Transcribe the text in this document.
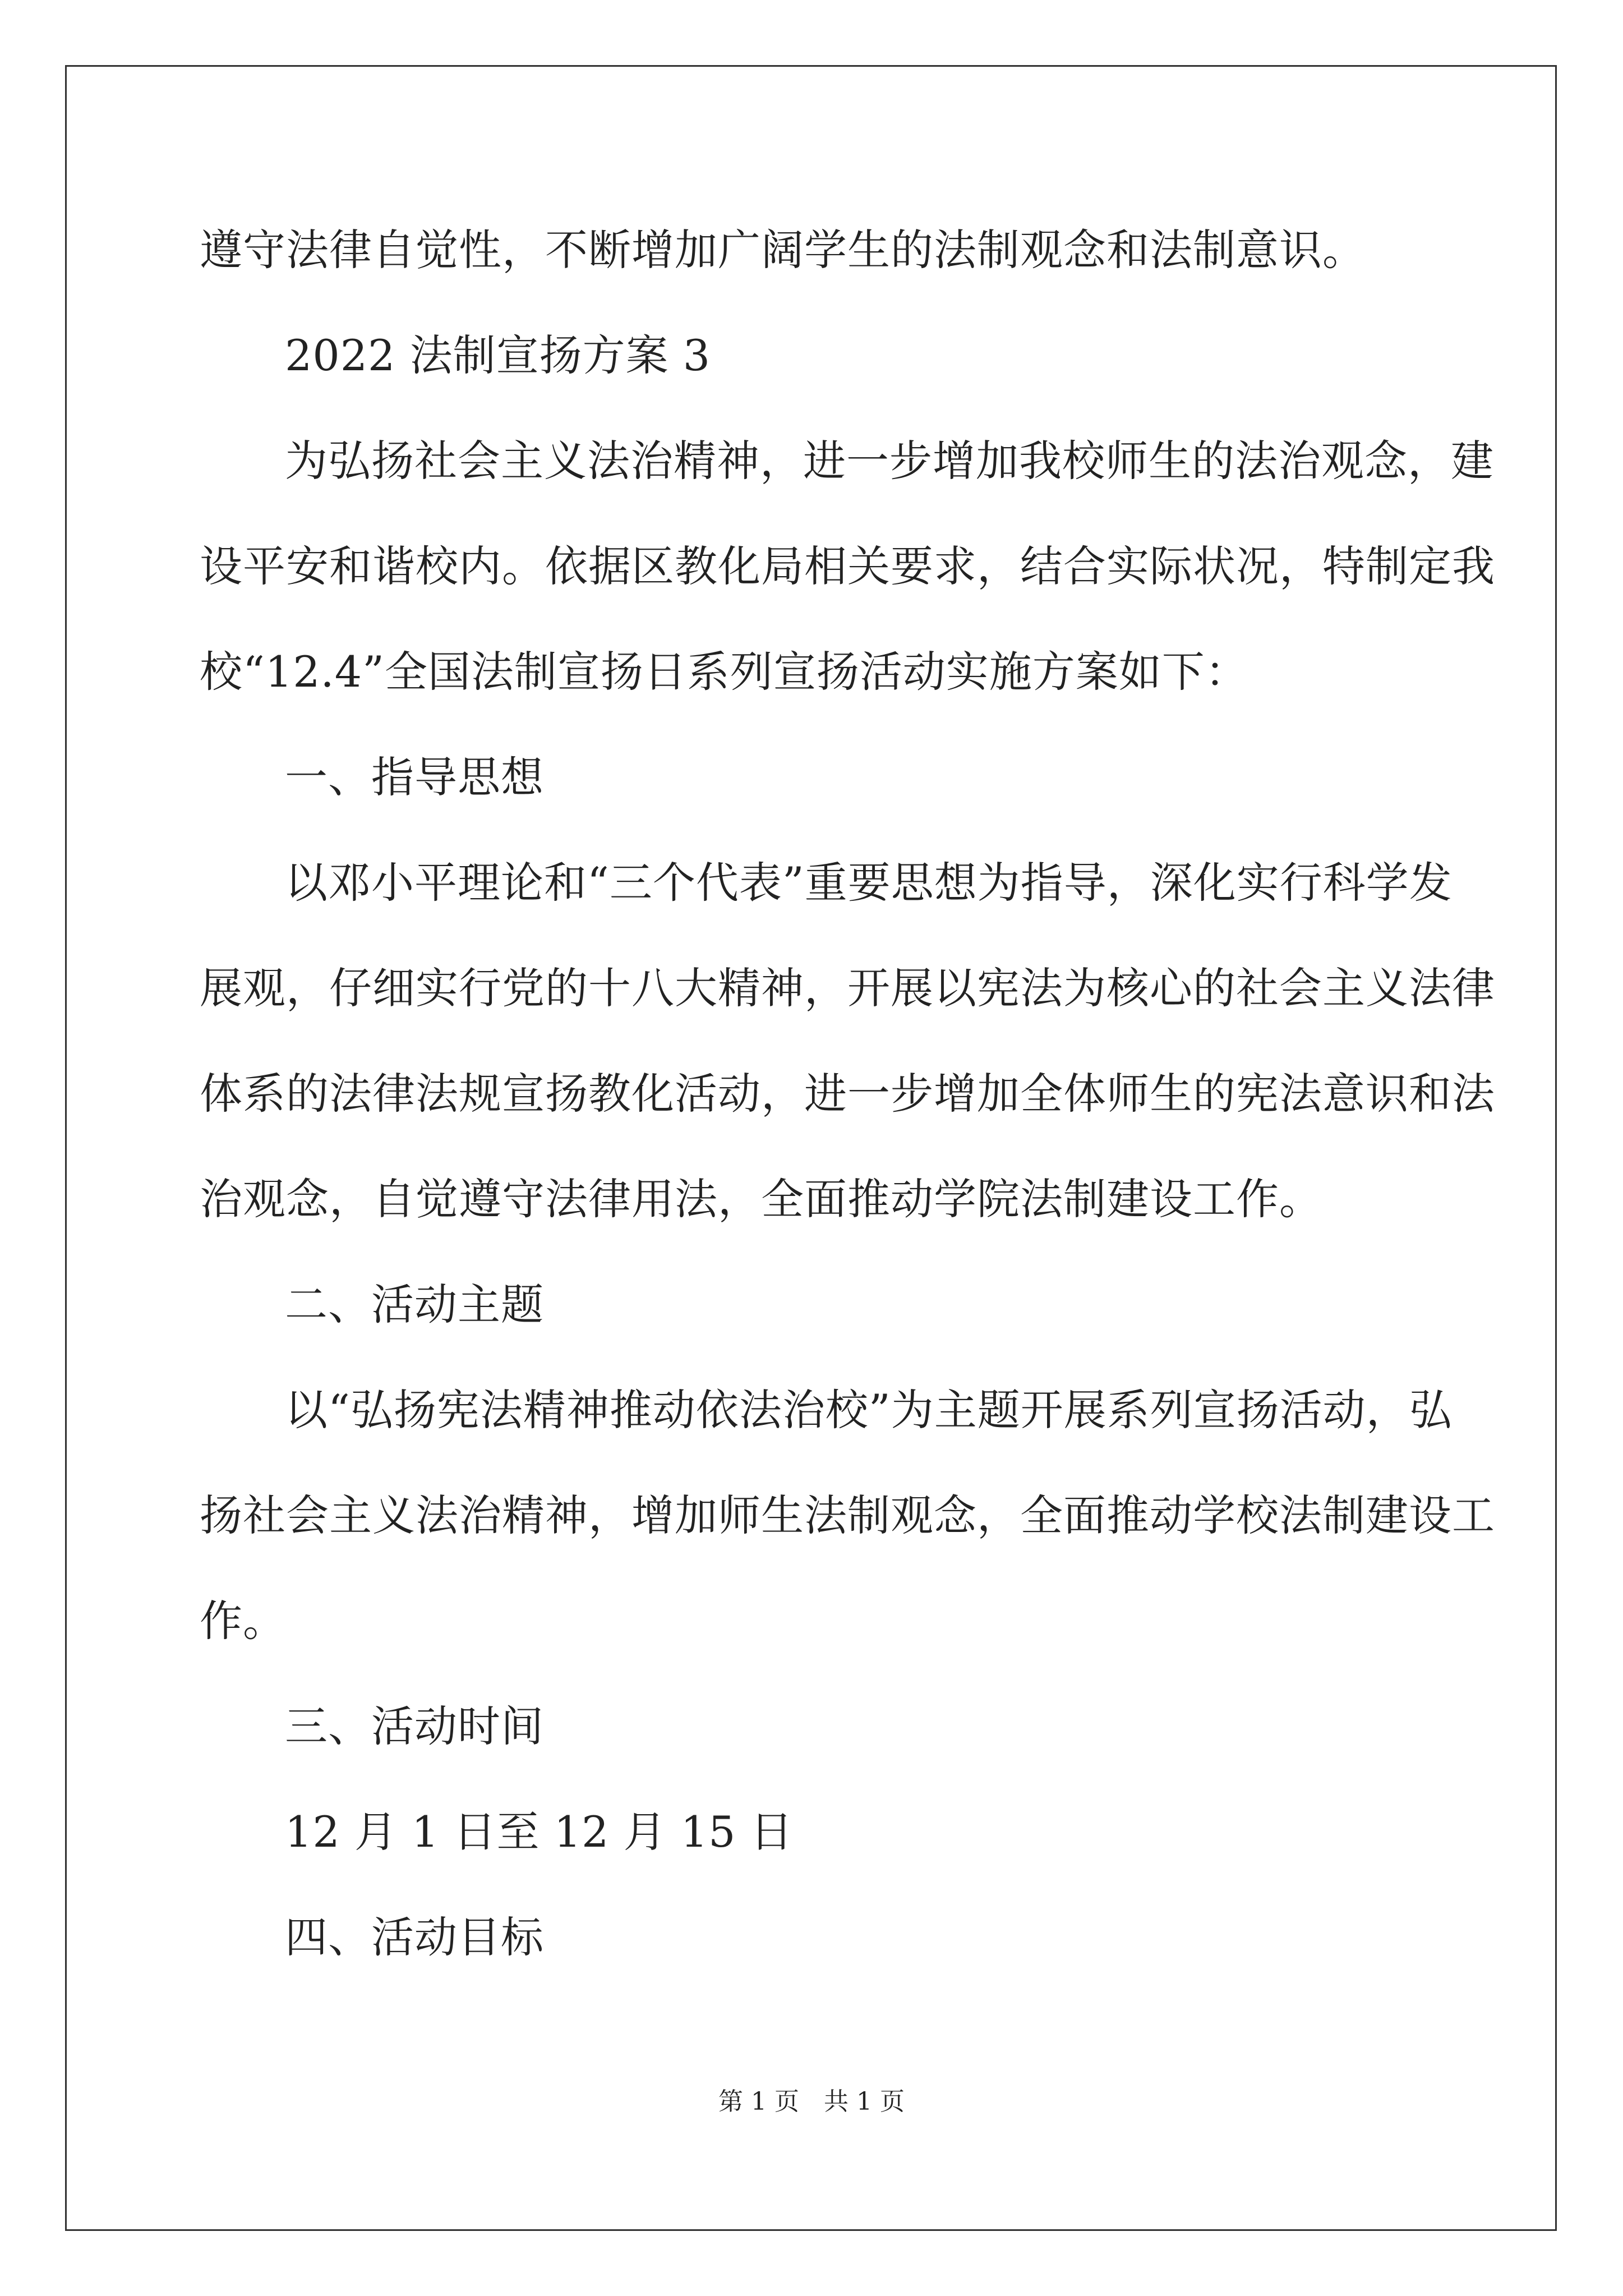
遵守法律自觉性，不断增加广阔学生的法制观念和法制意识。
2022 法制宣扬方案 3
为弘扬社会主义法治精神，进一步增加我校师生的法治观念，建
设平安和谐校内。依据区教化局相关要求，结合实际状况，特制定我
校“12.4”全国法制宣扬日系列宣扬活动实施方案如下：
一、指导思想
以邓小平理论和“三个代表”重要思想为指导，深化实行科学发
展观，仔细实行党的十八大精神，开展以宪法为核心的社会主义法律
体系的法律法规宣扬教化活动，进一步增加全体师生的宪法意识和法
治观念，自觉遵守法律用法，全面推动学院法制建设工作。
二、活动主题
以“弘扬宪法精神推动依法治校”为主题开展系列宣扬活动，弘
扬社会主义法治精神，增加师生法制观念，全面推动学校法制建设工
作。
三、活动时间
12 月 1 日至 12 月 15 日
四、活动目标
第 1 页　共 1 页
